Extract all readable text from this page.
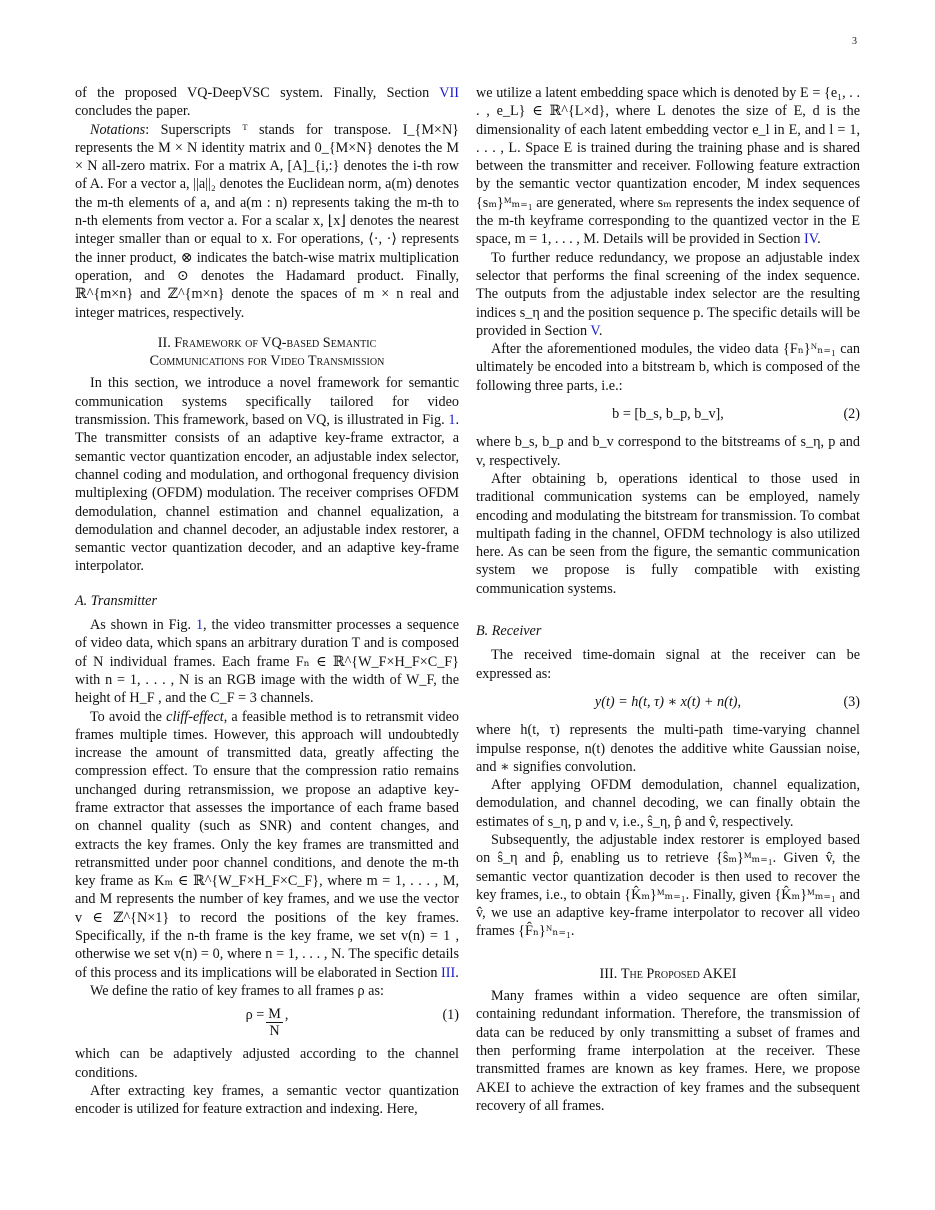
3

of the proposed VQ-DeepVSC system. Finally, Section VII concludes the paper.

Notations: Superscripts ᵀ stands for transpose. I_{M×N} represents the M × N identity matrix and 0_{M×N} denotes the M × N all-zero matrix. For a matrix A, [A]_{i,:} denotes the i-th row of A. For a vector a, ||a||₂ denotes the Euclidean norm, a(m) denotes the m-th elements of a, and a(m : n) represents taking the m-th to n-th elements from vector a. For a scalar x, ⌊x⌋ denotes the nearest integer smaller than or equal to x. For operations, ⟨·, ·⟩ represents the inner product, ⊗ indicates the batch-wise matrix multiplication operation, and ⊙ denotes the Hadamard product. Finally, ℝ^{m×n} and ℤ^{m×n} denote the spaces of m × n real and integer matrices, respectively.

II. Framework of VQ-based Semantic
Communications for Video Transmission

In this section, we introduce a novel framework for semantic communication systems specifically tailored for video transmission. This framework, based on VQ, is illustrated in Fig. 1. The transmitter consists of an adaptive key-frame extractor, a semantic vector quantization encoder, an adjustable index selector, channel coding and modulation, and orthogonal frequency division multiplexing (OFDM) modulation. The receiver comprises OFDM demodulation, channel estimation and channel equalization, a demodulation and channel decoder, an adjustable index restorer, a semantic vector quantization decoder, and an adaptive key-frame interpolator.

A. Transmitter

As shown in Fig. 1, the video transmitter processes a sequence of video data, which spans an arbitrary duration T and is composed of N individual frames. Each frame Fₙ ∈ ℝ^{W_F×H_F×C_F} with n = 1, . . . , N is an RGB image with the width of W_F, the height of H_F , and the C_F = 3 channels.

To avoid the cliff-effect, a feasible method is to retransmit video frames multiple times. However, this approach will undoubtedly increase the amount of transmitted data, greatly affecting the compression effect. To ensure that the compression ratio remains unchanged during retransmission, we propose an adaptive key-frame extractor that assesses the importance of each frame based on channel quality (such as SNR) and content changes, and extracts the key frames. Only the key frames are transmitted and retransmitted under poor channel conditions, and denote the m-th key frame as Kₘ ∈ ℝ^{W_F×H_F×C_F}, where m = 1, . . . , M, and M represents the number of key frames, and we use the vector v ∈ ℤ^{N×1} to record the positions of the key frames. Specifically, if the n-th frame is the key frame, we set v(n) = 1 , otherwise we set v(n) = 0, where n = 1, . . . , N. The specific details of this process and its implications will be elaborated in Section III.

We define the ratio of key frames to all frames ρ as:

$\rho = \frac{M}{N}$ ,	(1)

which can be adaptively adjusted according to the channel conditions.

After extracting key frames, a semantic vector quantization encoder is utilized for feature extraction and indexing. Here,

we utilize a latent embedding space which is denoted by E = {e₁, . . . , e_L} ∈ ℝ^{L×d}, where L denotes the size of E, d is the dimensionality of each latent embedding vector e_l in E, and l = 1, . . . , L. Space E is trained during the training phase and is shared between the transmitter and receiver. Following feature extraction by the semantic vector quantization encoder, M index sequences {sₘ}ᴹₘ₌₁ are generated, where sₘ represents the index sequence of the m-th keyframe corresponding to the quantized vector in the E space, m = 1, . . . , M. Details will be provided in Section IV.

To further reduce redundancy, we propose an adjustable index selector that performs the final screening of the index sequence. The outputs from the adjustable index selector are the resulting indices s_η and the position sequence p. The specific details will be provided in Section V.

After the aforementioned modules, the video data {Fₙ}ᴺₙ₌₁ can ultimately be encoded into a bitstream b, which is composed of the following three parts, i.e.:

b = [b_s, b_p, b_v],	(2)

where b_s, b_p and b_v correspond to the bitstreams of s_η, p and v, respectively.

After obtaining b, operations identical to those used in traditional communication systems can be employed, namely encoding and modulating the bitstream for transmission. To combat multipath fading in the channel, OFDM technology is also utilized here. As can be seen from the figure, the semantic communication system we propose is fully compatible with existing communication systems.

B. Receiver

The received time-domain signal at the receiver can be expressed as:

y(t) = h(t, τ) ∗ x(t) + n(t),	(3)

where h(t, τ) represents the multi-path time-varying channel impulse response, n(t) denotes the additive white Gaussian noise, and ∗ signifies convolution.

After applying OFDM demodulation, channel equalization, demodulation, and channel decoding, we can finally obtain the estimates of s_η, p and v, i.e., ŝ_η, p̂ and v̂, respectively.

Subsequently, the adjustable index restorer is employed based on ŝ_η and p̂, enabling us to retrieve {ŝₘ}ᴹₘ₌₁. Given v̂, the semantic vector quantization decoder is then used to recover the key frames, i.e., to obtain {K̂ₘ}ᴹₘ₌₁. Finally, given {K̂ₘ}ᴹₘ₌₁ and v̂, we use an adaptive key-frame interpolator to recover all video frames {F̂ₙ}ᴺₙ₌₁.

III. The Proposed AKEI

Many frames within a video sequence are often similar, containing redundant information. Therefore, the transmission of data can be reduced by only transmitting a subset of frames and then performing frame interpolation at the receiver. These transmitted frames are known as key frames. Here, we propose AKEI to achieve the extraction of key frames and the subsequent recovery of all frames.
